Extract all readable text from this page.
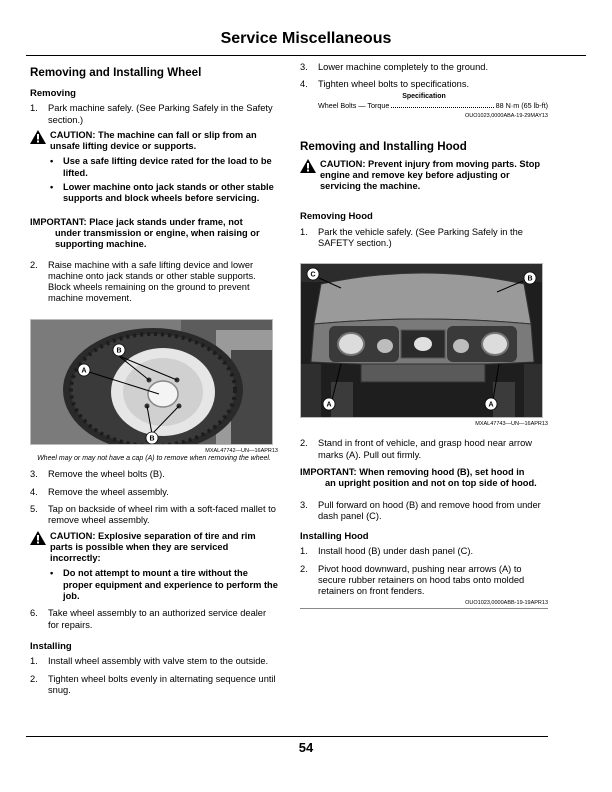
Service Miscellaneous
Removing and Installing Wheel
Removing
1. Park machine safely. (See Parking Safely in the Safety section.)
CAUTION: The machine can fall or slip from an unsafe lifting device or supports.
• Use a safe lifting device rated for the load to be lifted.
• Lower machine onto jack stands or other stable supports and block wheels before servicing.
IMPORTANT: Place jack stands under frame, not
under transmission or engine, when raising or supporting machine.
2. Raise machine with a safe lifting device and lower machine onto jack stands or other stable supports. Block wheels remaining on the ground to prevent machine movement.
B
B
A
MXAL47742—UN—16APR13
Wheel may or may not have a cap (A) to remove when removing the wheel.
3. Remove the wheel bolts (B).
4. Remove the wheel assembly.
5. Tap on backside of wheel rim with a soft-faced mallet to remove wheel assembly.
CAUTION: Explosive separation of tire and rim parts is possible when they are serviced incorrectly:
• Do not attempt to mount a tire without the proper equipment and experience to perform the job.
6. Take wheel assembly to an authorized service dealer for repairs.
Installing
1. Install wheel assembly with valve stem to the outside.
2. Tighten wheel bolts evenly in alternating sequence until snug.
3. Lower machine completely to the ground.
4. Tighten wheel bolts to specifications.
Specification
Wheel Bolts — Torque	88 N·m (65 lb-ft)
OUO1023,0000ABA-19-29MAY13
Removing and Installing Hood
CAUTION: Prevent injury from moving parts. Stop engine and remove key before adjusting or servicing the machine.
Removing Hood
1. Park the vehicle safely. (See Parking Safely in the SAFETY section.)
C
B
A	A
MXAL47743—UN—16APR13
2. Stand in front of vehicle, and grasp hood near arrow marks (A). Pull out firmly.
IMPORTANT: When removing hood (B), set hood in
an upright position and not on top side of hood.
3. Pull forward on hood (B) and remove hood from under dash panel (C).
Installing Hood
1. Install hood (B) under dash panel (C).
2. Pivot hood downward, pushing near arrows (A) to secure rubber retainers on hood tabs onto molded retainers on front fenders.
OUO1023,0000ABB-19-19APR13
54
